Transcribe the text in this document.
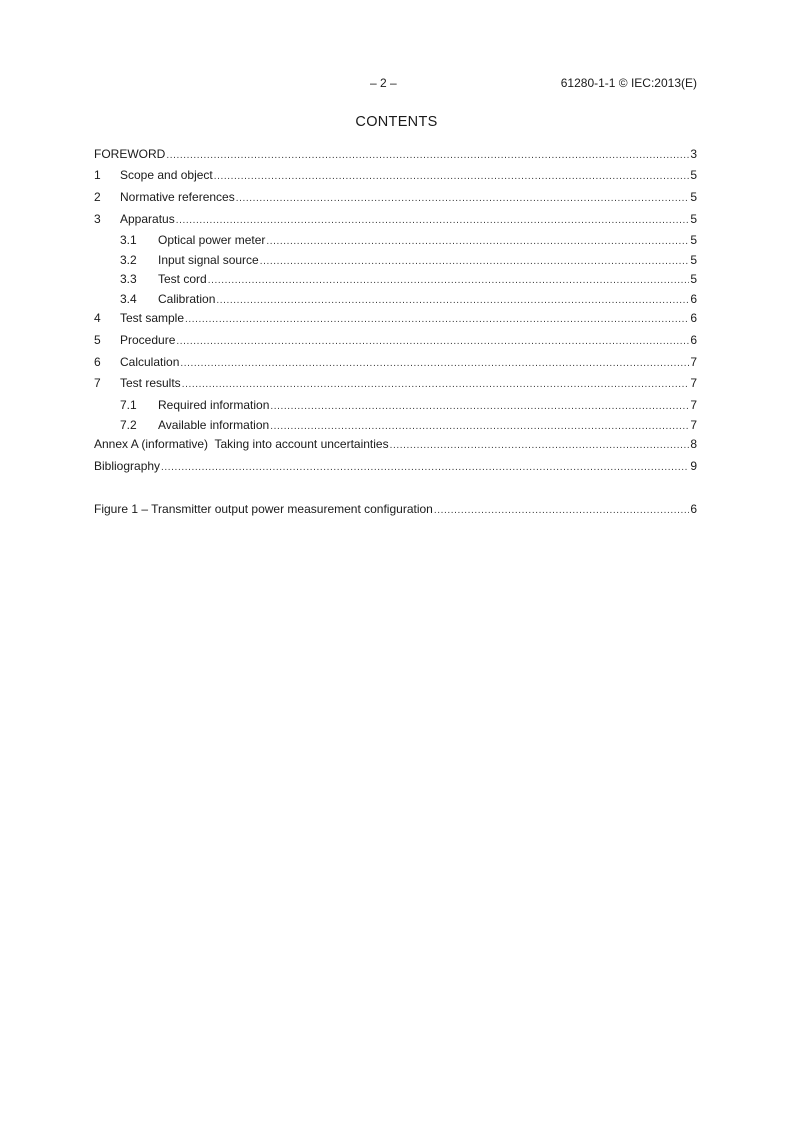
– 2 –	61280-1-1 © IEC:2013(E)
CONTENTS
FOREWORD .....	3
1	Scope and object .....	5
2	Normative references .....	5
3	Apparatus .....	5
3.1	Optical power meter .....	5
3.2	Input signal source .....	5
3.3	Test cord .....	5
3.4	Calibration .....	6
4	Test sample .....	6
5	Procedure .....	6
6	Calculation .....	7
7	Test results .....	7
7.1	Required information .....	7
7.2	Available information .....	7
Annex A (informative)  Taking into account uncertainties .....	8
Bibliography .....	9
Figure 1 – Transmitter output power measurement configuration .....	6
